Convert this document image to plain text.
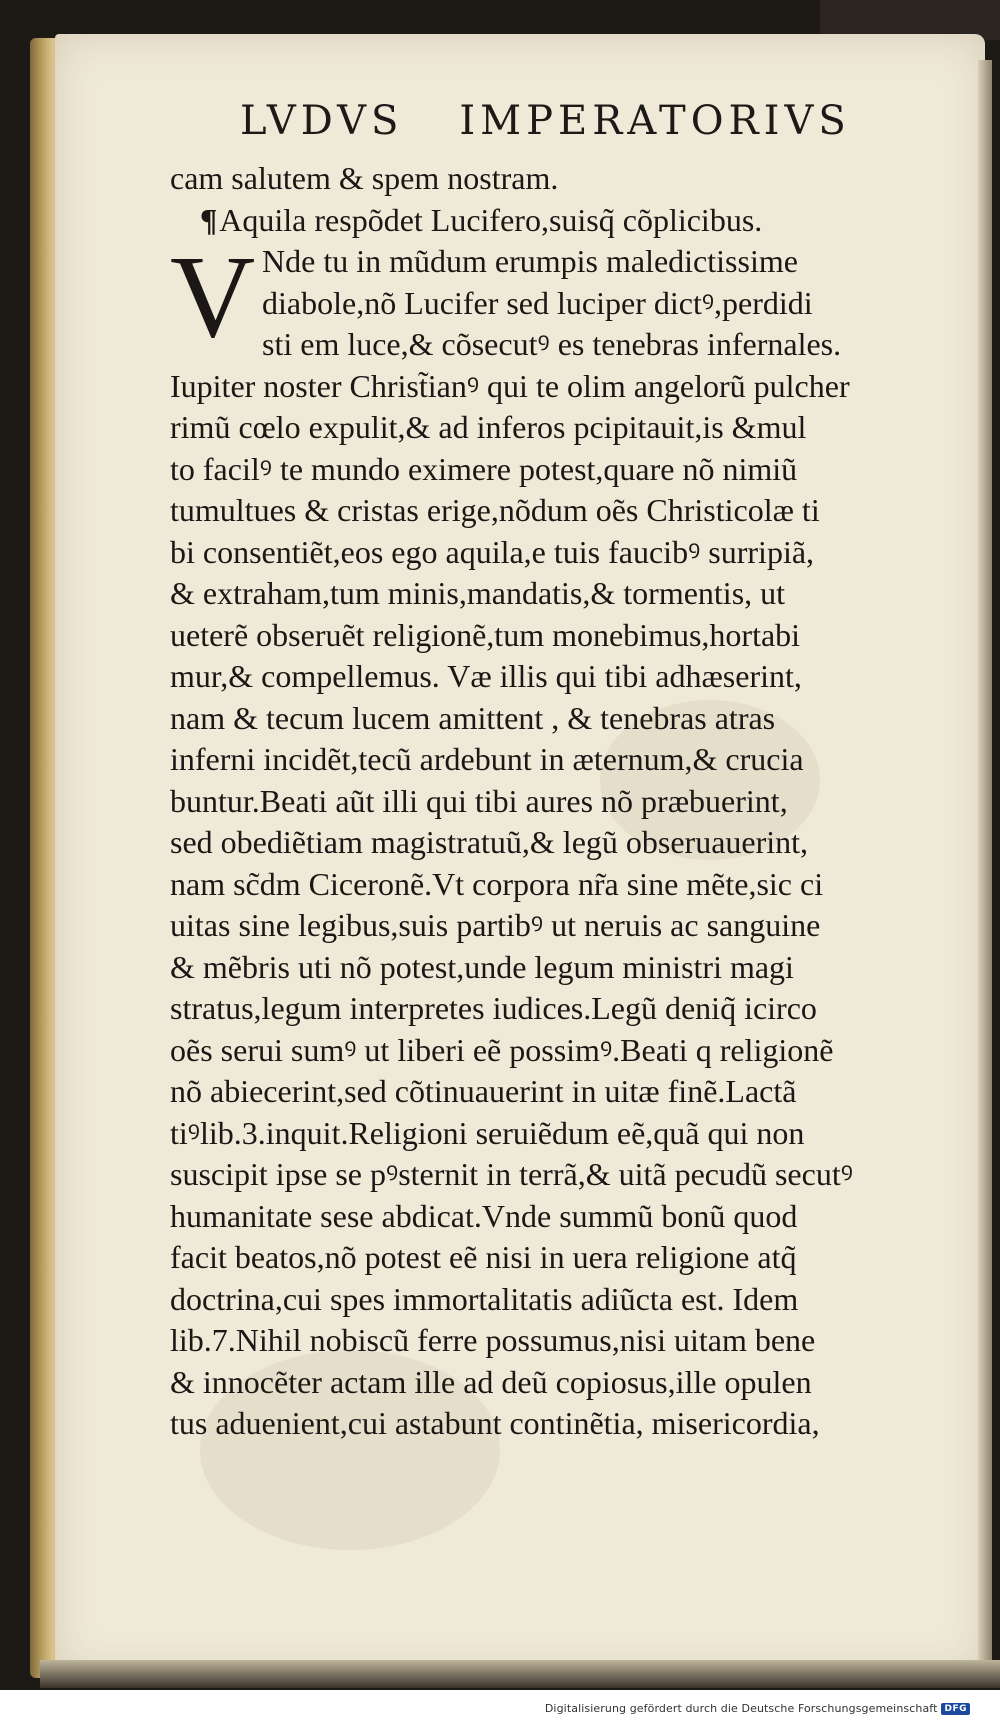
LVDVS IMPERATORIVS
V
cam salutem & spem nostram.
¶Aquila respõdet Lucifero,suisq̃ cõplicibus.
Nde tu in mũdum erumpis maledictissime
diabole,nõ Lucifer sed luciper dictꝰ,perdidi
sti em luce,& cõsecutꝰ es tenebras infernales.
Iupiter noster Christ̃ianꝰ qui te olim angelorũ pulcher
rimũ cœlo expulit,& ad inferos pcipitauit,is &mul
to facilꝰ te mundo eximere potest,quare nõ nimiũ
tumultues & cristas erige,nõdum oẽs Christicolæ ti
bi consentiẽt,eos ego aquila,e tuis faucibꝰ surripiã,
& extraham,tum minis,mandatis,& tormentis, ut
ueterẽ obseruẽt religionẽ,tum monebimus,hortabi
mur,& compellemus. Væ illis qui tibi adhæserint,
nam & tecum lucem amittent , & tenebras atras
inferni incidẽt,tecũ ardebunt in æternum,& crucia
buntur.Beati aũt illi qui tibi aures nõ præbuerint,
sed obediẽtiam magistratuũ,& legũ obseruauerint,
nam sc̃dm Ciceronẽ.Vt corpora nr̃a sine mẽte,sic ci
uitas sine legibus,suis partibꝰ ut neruis ac sanguine
& mẽbris uti nõ potest,unde legum ministri magi
stratus,legum interpretes iudices.Legũ deniq̃ icirco
oẽs serui sumꝰ ut liberi eẽ possimꝰ.Beati q religionẽ
nõ abiecerint,sed cõtinuauerint in uitæ finẽ.Lactã
tiꝰlib.3.inquit.Religioni seruiẽdum eẽ,quã qui non
suscipit ipse se pꝰsternit in terrã,& uitã pecudũ secutꝰ
humanitate sese abdicat.Vnde summũ bonũ quod
facit beatos,nõ potest eẽ nisi in uera religione atq̃
doctrina,cui spes immortalitatis adiũcta est. Idem
lib.7.Nihil nobiscũ ferre possumus,nisi uitam bene
& innocẽter actam ille ad deũ copiosus,ille opulen
tus aduenient,cui astabunt continẽtia, misericordia,
Digitalisierung gefördert durch die Deutsche Forschungsgemeinschaft DFG
